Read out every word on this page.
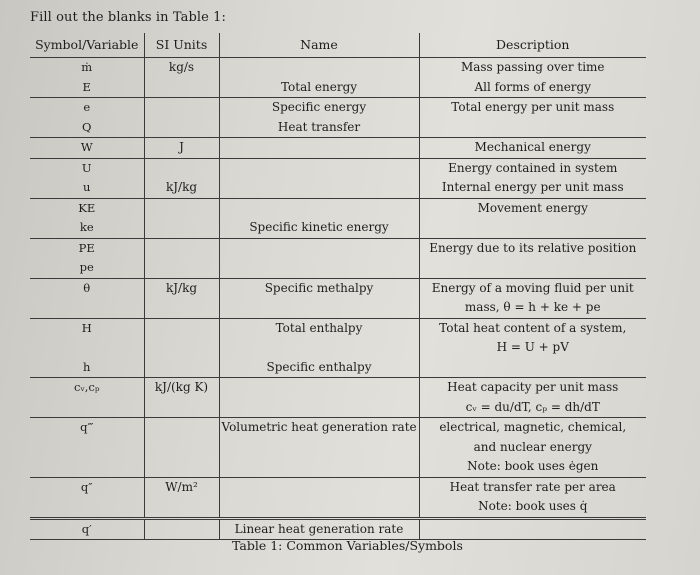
Fill out the blanks in Table 1:
Symbol/Variable	SI Units	Name	Description
ṁ	kg/s		Mass passing over time

E		Total energy	All forms of energy

e		Specific energy	Total energy per unit mass

Q		Heat transfer	

W	J		Mechanical energy

U			Energy contained in system

u	kJ/kg		Internal energy per unit mass

KE			Movement energy

ke		Specific kinetic energy	

PE			Energy due to its relative position

pe			
θ	kJ/kg	Specific methalpy	Energy of a moving fluid per unit
mass, θ = h + ke + pe

H		Total enthalpy	Total heat content of a system,
H = U + pV

h		Specific enthalpy	

cᵥ,cₚ	kJ/(kg K)		Heat capacity per unit mass
cᵥ = du/dT, cₚ = dh/dT

q‴		Volumetric heat generation rate	electrical, magnetic, chemical,
and nuclear energy
Note: book uses ėgen

q″	W/m²		Heat transfer rate per area
Note: book uses q̇

q′		Linear heat generation rate	

Table 1: Common Variables/Symbols
